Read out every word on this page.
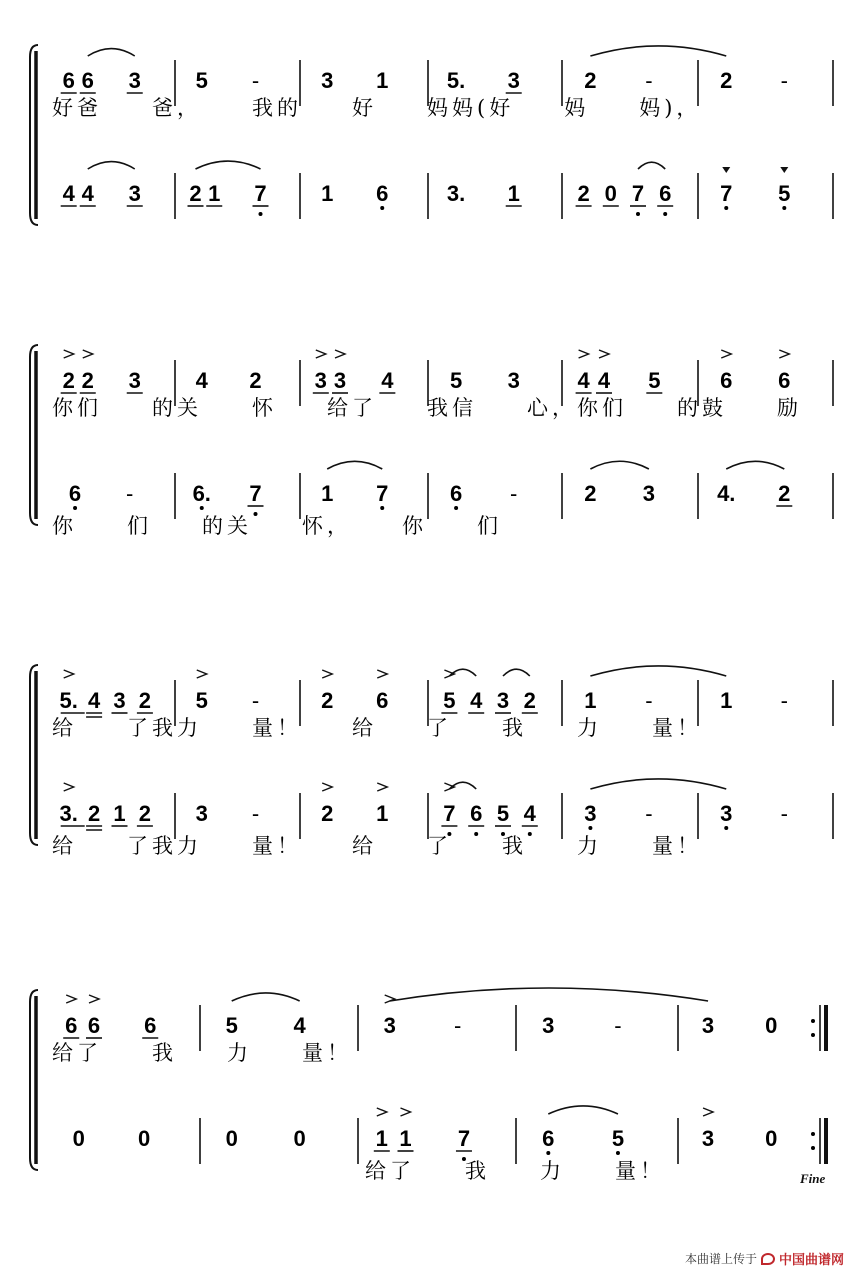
6 6 3 5 -	3 1	5. 3	2 -	2 -
好爸  爸，  我的  好  妈妈(好  妈  妈)，
4 4 3 2 1 7 1 6	3. 1	2 0 7 6 7 5
2 2 3 4 2 3 3 4	5 3	4 4 5	6 6
你们  的关  怀  给了  我信  心，你们  的鼓  励
6 -	6. 7	1 7	6 -	2 3	4. 2
你  们  的关  怀，  你  们
5. 4 3 2 5 -	2 6 5 4 3 2 1 -	1 -
给  了我力  量！  给  了  我  力  量！
3. 2 1 2 3 -	2 1 7 6 5 4 3 -	3 -
给  了我力  量！  给  了  我  力  量！
6 6 6	5	4	3	-	3	-	3 0
给了  我  力  量！
0 0	0	0	1 1 7	6	5	3 0
给了  我  力  量！	Fine
本曲谱上传于 中国曲谱网
